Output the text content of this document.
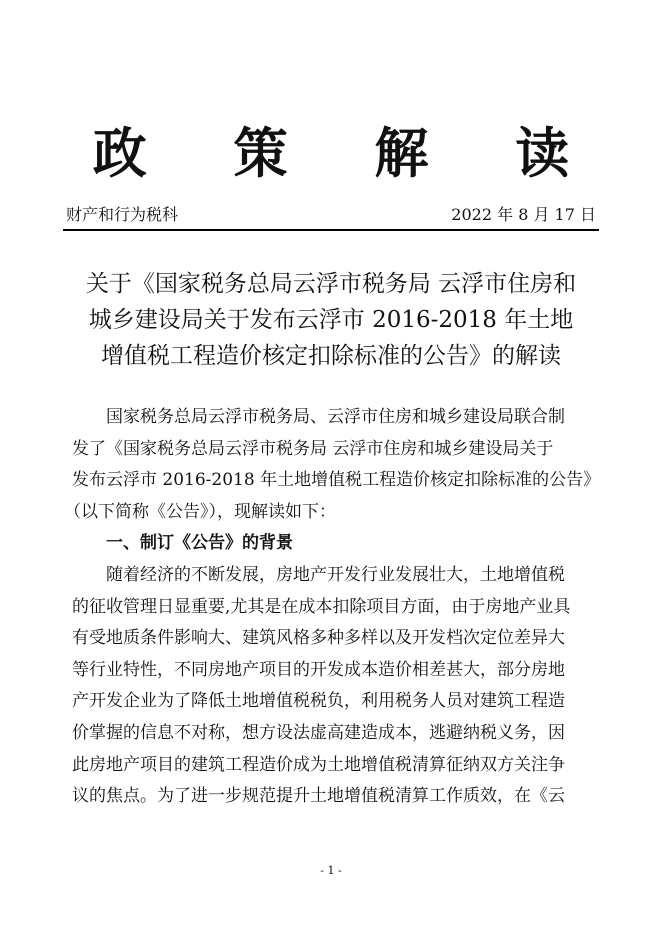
政 策 解 读
财产和行为税科	2022 年 8 月 17 日
关于《国家税务总局云浮市税务局 云浮市住房和
城乡建设局关于发布云浮市 2016-2018 年土地
增值税工程造价核定扣除标准的公告》的解读
国家税务总局云浮市税务局、云浮市住房和城乡建设局联合制
发了《国家税务总局云浮市税务局 云浮市住房和城乡建设局关于
发布云浮市 2016-2018 年土地增值税工程造价核定扣除标准的公告》
（以下简称《公告》），现解读如下：
一、制订《公告》的背景
随着经济的不断发展，房地产开发行业发展壮大，土地增值税
的征收管理日显重要,尤其是在成本扣除项目方面，由于房地产业具
有受地质条件影响大、建筑风格多种多样以及开发档次定位差异大
等行业特性，不同房地产项目的开发成本造价相差甚大，部分房地
产开发企业为了降低土地增值税税负，利用税务人员对建筑工程造
价掌握的信息不对称，想方设法虚高建造成本，逃避纳税义务，因
此房地产项目的建筑工程造价成为土地增值税清算征纳双方关注争
议的焦点。为了进一步规范提升土地增值税清算工作质效，在《云
- 1 -
